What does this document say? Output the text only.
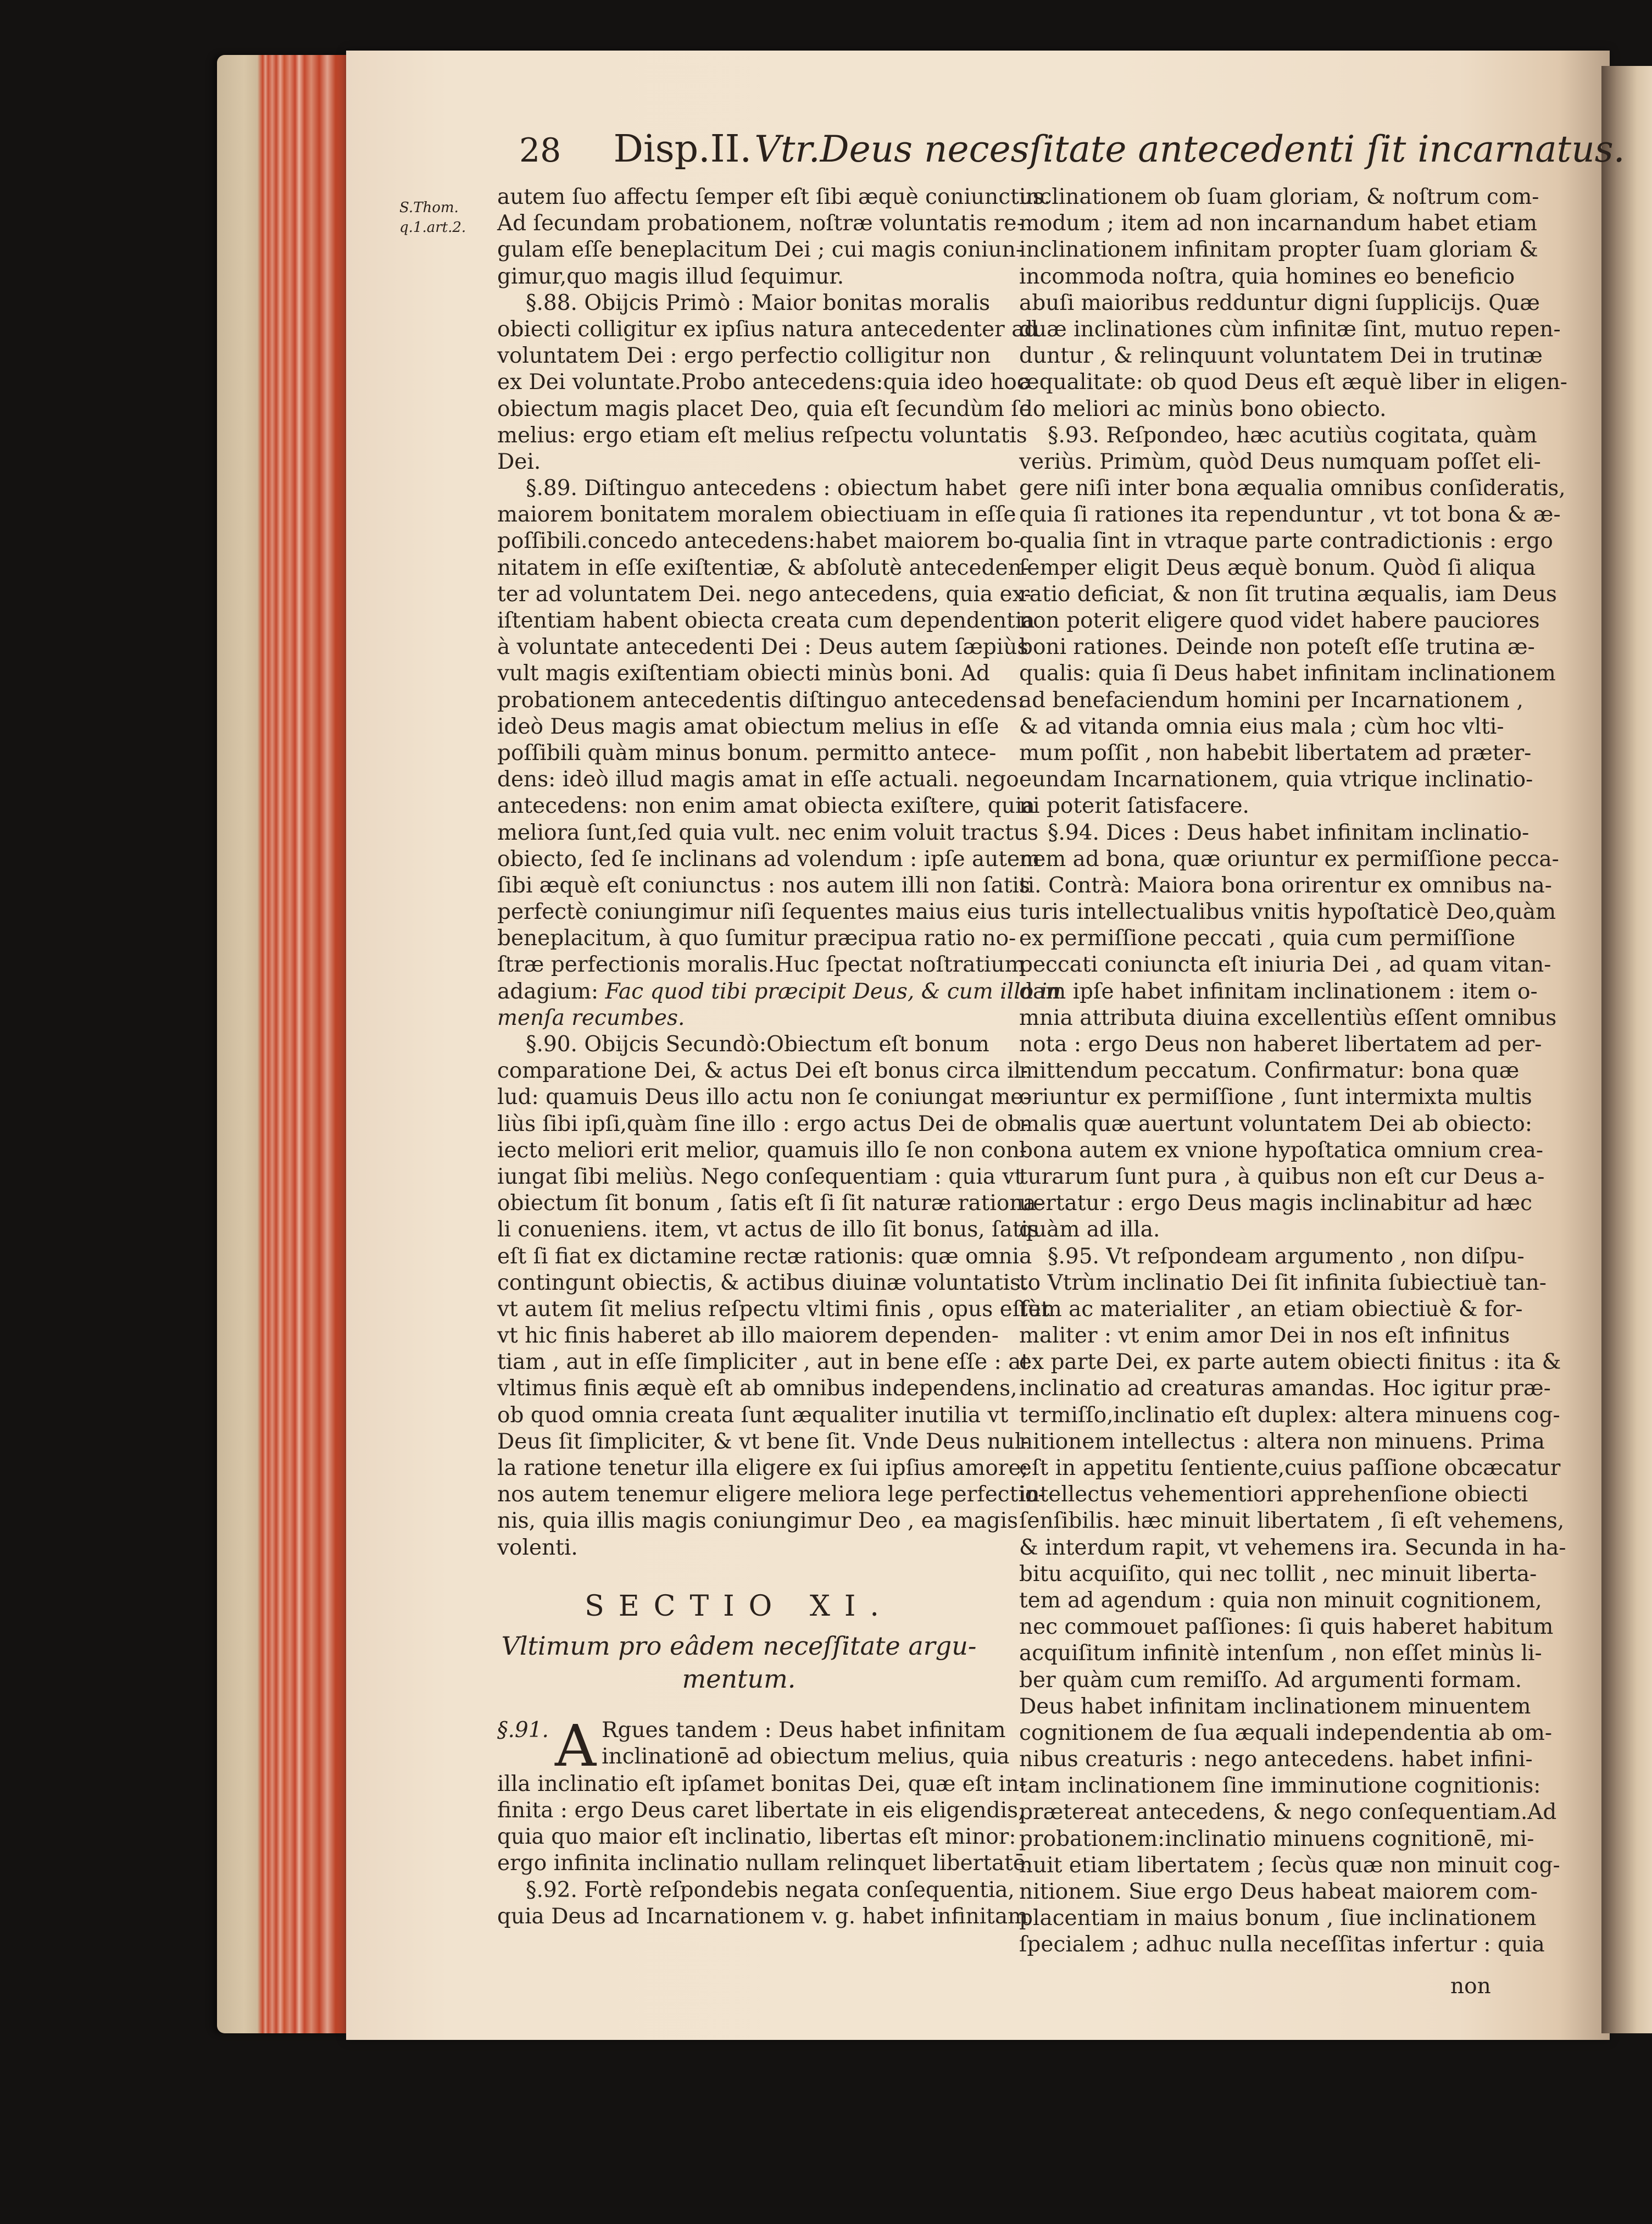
28 Disp.II. Vtr.Deus necesſitate antecedenti ſit incarnatus.
S.Thom.
q.1.art.2.
autem ſuo affectu ſemper eſt ſibi æquè coniunctus.
Ad ſecundam probationem, noſtræ voluntatis re-
gulam eſſe beneplacitum Dei ; cui magis coniun-
gimur,quo magis illud ſequimur.
§.88. Obijcis Primò : Maior bonitas moralis
obiecti colligitur ex ipſius natura antecedenter ad
voluntatem Dei : ergo perfectio colligitur non
ex Dei voluntate.Probo antecedens:quia ideo hoc
obiectum magis placet Deo, quia eſt ſecundùm ſe
melius: ergo etiam eſt melius reſpectu voluntatis
Dei.
§.89. Diſtinguo antecedens : obiectum habet
maiorem bonitatem moralem obiectiuam in eſſe
poſſibili.concedo antecedens:habet maiorem bo-
nitatem in eſſe exiſtentiæ, & abſolutè anteceden-
ter ad voluntatem Dei. nego antecedens, quia ex-
iſtentiam habent obiecta creata cum dependentia
à voluntate antecedenti Dei : Deus autem ſæpiùs
vult magis exiſtentiam obiecti minùs boni. Ad
probationem antecedentis diſtinguo antecedens:
ideò Deus magis amat obiectum melius in eſſe
poſſibili quàm minus bonum. permitto antece-
dens: ideò illud magis amat in eſſe actuali. nego
antecedens: non enim amat obiecta exiſtere, quia
meliora ſunt,ſed quia vult. nec enim voluit tractus
obiecto, ſed ſe inclinans ad volendum : ipſe autem
ſibi æquè eſt coniunctus : nos autem illi non ſatis
perfectè coniungimur niſi ſequentes maius eius
beneplacitum, à quo ſumitur præcipua ratio no-
ſtræ perfectionis moralis.Huc ſpectat noſtratium
adagium: Fac quod tibi præcipit Deus, & cum illo in
menſa recumbes.
§.90. Obijcis Secundò:Obiectum eſt bonum
comparatione Dei, & actus Dei eſt bonus circa il-
lud: quamuis Deus illo actu non ſe coniungat me-
liùs ſibi ipſi,quàm ſine illo : ergo actus Dei de ob-
iecto meliori erit melior, quamuis illo ſe non con-
iungat ſibi meliùs. Nego conſequentiam : quia vt
obiectum ſit bonum , ſatis eſt ſi ſit naturæ rationa-
li conueniens. item, vt actus de illo ſit bonus, ſatis
eſt ſi fiat ex dictamine rectæ rationis: quæ omnia
contingunt obiectis, & actibus diuinæ voluntatis.
vt autem ſit melius reſpectu vltimi finis , opus eſſet
vt hic finis haberet ab illo maiorem dependen-
tiam , aut in eſſe ſimpliciter , aut in bene eſſe : at
vltimus finis æquè eſt ab omnibus independens,
ob quod omnia creata ſunt æqualiter inutilia vt
Deus ſit ſimpliciter, & vt bene ſit. Vnde Deus nul-
la ratione tenetur illa eligere ex ſui ipſius amore;
nos autem tenemur eligere meliora lege perfectio-
nis, quia illis magis coniungimur Deo , ea magis
volenti.
SECTIO XI.
Vltimum pro eâdem neceſſitate argu-
mentum.
§.91. A Rgues tandem : Deus habet infinitam
inclinationē ad obiectum melius, quia
illa inclinatio eſt ipſamet bonitas Dei, quæ eſt in-
finita : ergo Deus caret libertate in eis eligendis,
quia quo maior eſt inclinatio, libertas eſt minor:
ergo infinita inclinatio nullam relinquet libertatē.
§.92. Fortè reſpondebis negata conſequentia,
quia Deus ad Incarnationem v. g. habet infinitam
inclinationem ob ſuam gloriam, & noſtrum com-
modum ; item ad non incarnandum habet etiam
inclinationem infinitam propter ſuam gloriam &
incommoda noſtra, quia homines eo beneficio
abuſi maioribus redduntur digni ſupplicijs. Quæ
duæ inclinationes cùm infinitæ ſint, mutuo repen-
duntur , & relinquunt voluntatem Dei in trutinæ
æqualitate: ob quod Deus eſt æquè liber in eligen-
do meliori ac minùs bono obiecto.
§.93. Reſpondeo, hæc acutiùs cogitata, quàm
veriùs. Primùm, quòd Deus numquam poſſet eli-
gere niſi inter bona æqualia omnibus conſideratis,
quia ſi rationes ita rependuntur , vt tot bona & æ-
qualia ſint in vtraque parte contradictionis : ergo
ſemper eligit Deus æquè bonum. Quòd ſi aliqua
ratio deficiat, & non ſit trutina æqualis, iam Deus
non poterit eligere quod videt habere pauciores
boni rationes. Deinde non poteſt eſſe trutina æ-
qualis: quia ſi Deus habet infinitam inclinationem
ad benefaciendum homini per Incarnationem ,
& ad vitanda omnia eius mala ; cùm hoc vlti-
mum poſſit , non habebit libertatem ad præter-
eundam Incarnationem, quia vtrique inclinatio-
ni poterit ſatisfacere.
§.94. Dices : Deus habet infinitam inclinatio-
nem ad bona, quæ oriuntur ex permiſſione pecca-
ti. Contrà: Maiora bona orirentur ex omnibus na-
turis intellectualibus vnitis hypoſtaticè Deo,quàm
ex permiſſione peccati , quia cum permiſſione
peccati coniuncta eſt iniuria Dei , ad quam vitan-
dam ipſe habet infinitam inclinationem : item o-
mnia attributa diuina excellentiùs eſſent omnibus
nota : ergo Deus non haberet libertatem ad per-
mittendum peccatum. Confirmatur: bona quæ
oriuntur ex permiſſione , ſunt intermixta multis
malis quæ auertunt voluntatem Dei ab obiecto:
bona autem ex vnione hypoſtatica omnium crea-
turarum ſunt pura , à quibus non eſt cur Deus a-
uertatur : ergo Deus magis inclinabitur ad hæc
quàm ad illa.
§.95. Vt reſpondeam argumento , non diſpu-
to Vtrùm inclinatio Dei ſit infinita ſubiectiuè tan-
tùm ac materialiter , an etiam obiectiuè & for-
maliter : vt enim amor Dei in nos eſt infinitus
ex parte Dei, ex parte autem obiecti finitus : ita &
inclinatio ad creaturas amandas. Hoc igitur præ-
termiſſo,inclinatio eſt duplex: altera minuens cog-
nitionem intellectus : altera non minuens. Prima
eſt in appetitu ſentiente,cuius paſſione obcæcatur
intellectus vehementiori apprehenſione obiecti
ſenſibilis. hæc minuit libertatem , ſi eſt vehemens,
& interdum rapit, vt vehemens ira. Secunda in ha-
bitu acquiſito, qui nec tollit , nec minuit liberta-
tem ad agendum : quia non minuit cognitionem,
nec commouet paſſiones: ſi quis haberet habitum
acquiſitum infinitè intenſum , non eſſet minùs li-
ber quàm cum remiſſo. Ad argumenti formam.
Deus habet infinitam inclinationem minuentem
cognitionem de ſua æquali independentia ab om-
nibus creaturis : nego antecedens. habet infini-
tam inclinationem ſine imminutione cognitionis:
prætereat antecedens, & nego conſequentiam.Ad
probationem:inclinatio minuens cognitionē, mi-
nuit etiam libertatem ; ſecùs quæ non minuit cog-
nitionem. Siue ergo Deus habeat maiorem com-
placentiam in maius bonum , ſiue inclinationem
ſpecialem ; adhuc nulla neceſſitas infertur : quia
non
